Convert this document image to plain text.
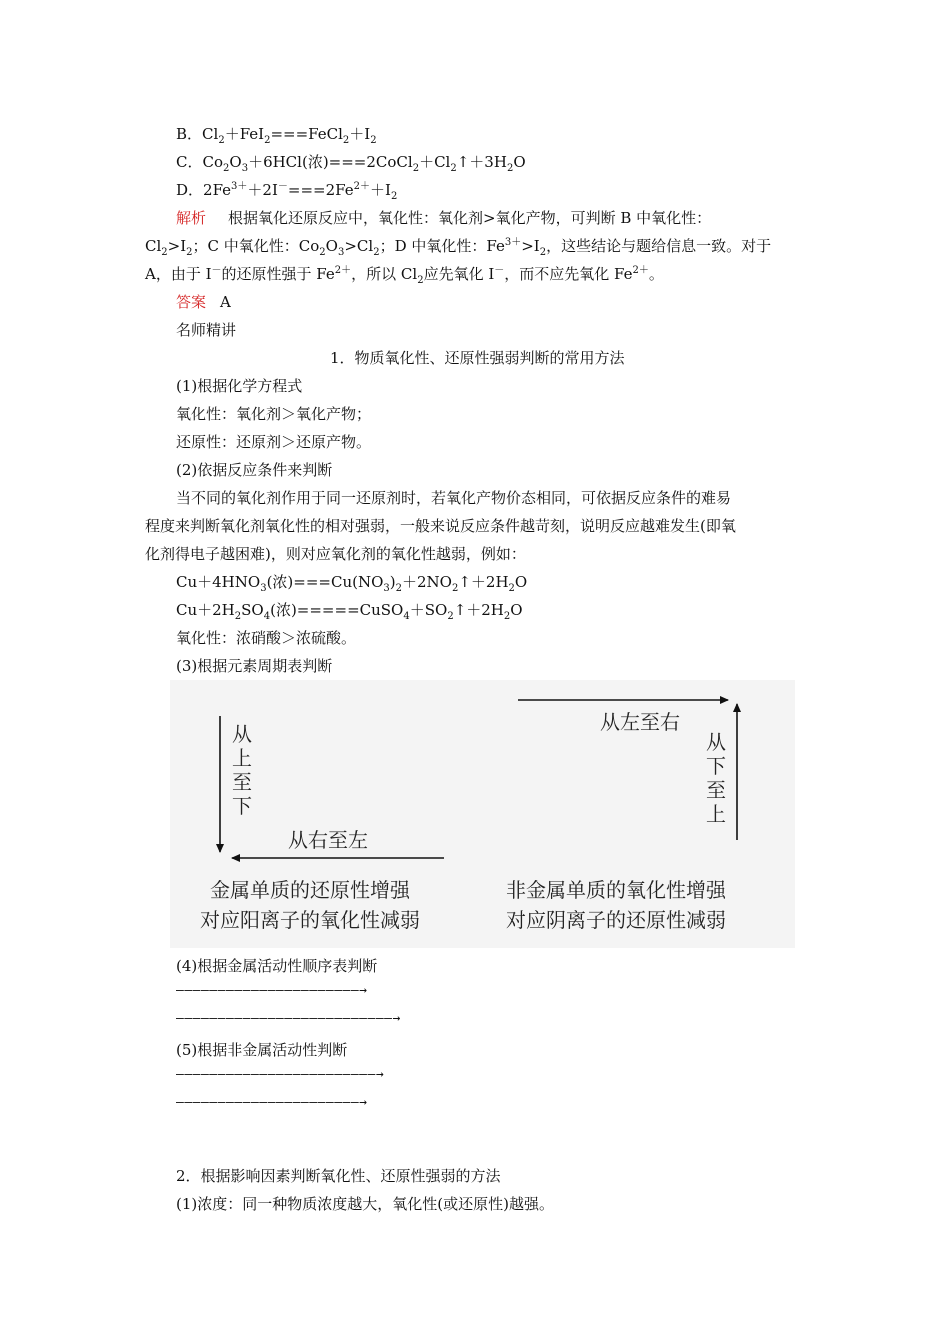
B．$Cl_2+FeI_2===FeCl_2+I_2$
C．$Co_2O_3+6HCl$(浓)$===2CoCl_2+Cl_2↑+3H_2O$
D．$2Fe^{3+}+2I^-===2Fe^{2+}+I_2$
解析 根据氧化还原反应中，氧化性：氧化剂>氧化产物，可判断 B 中氧化性：
$Cl_2>I_2$；C 中氧化性：$Co_2O_3>Cl_2$；D 中氧化性：$Fe^{3+}>I_2$，这些结论与题给信息一致。对于
A，由于 I－的还原性强于 $Fe^{2+}$，所以 $Cl_2$应先氧化 I－，而不应先氧化 $Fe^{2+}$。
答案 A
名师精讲
1．物质氧化性、还原性强弱判断的常用方法
(1)根据化学方程式
氧化性：氧化剂＞氧化产物；
还原性：还原剂＞还原产物。
(2)依据反应条件来判断
当不同的氧化剂作用于同一还原剂时，若氧化产物价态相同，可依据反应条件的难易
程度来判断氧化剂氧化性的相对强弱，一般来说反应条件越苛刻，说明反应越难发生(即氧
化剂得电子越困难)，则对应氧化剂的氧化性越弱，例如：
$Cu+4HNO_3$(浓)$===Cu(NO_3)_2+2NO_2↑+2H_2O$
$Cu+2H_2SO_4$(浓)$=====CuSO_4+SO_2↑+2H_2O$
氧化性：浓硝酸＞浓硫酸。
(3)根据元素周期表判断
从上至下
从右至左
从左至右
从下至上
金属单质的还原性增强
对应阳离子的氧化性减弱
非金属单质的氧化性增强
对应阴离子的还原性减弱
(4)根据金属活动性顺序表判断
——————————————————————→
——————————————————————————→
(5)根据非金属活动性判断
————————————————————————→
——————————————————————→
2．根据影响因素判断氧化性、还原性强弱的方法
(1)浓度：同一种物质浓度越大，氧化性(或还原性)越强。
